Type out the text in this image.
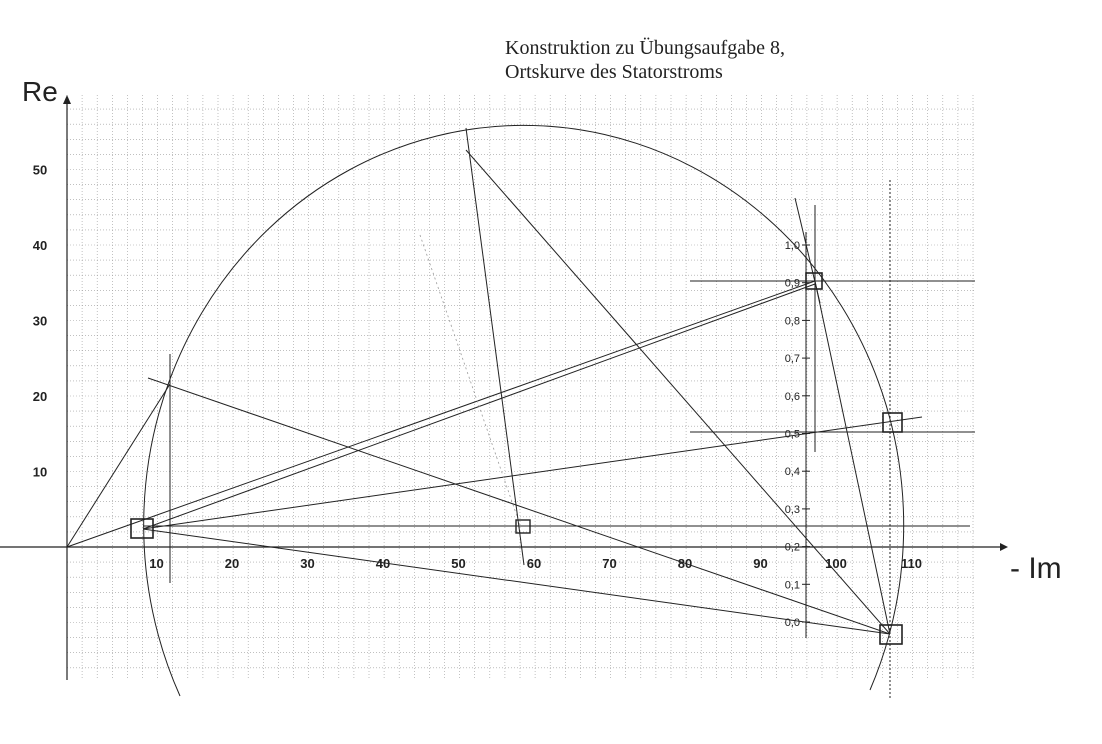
10	20	30	40	50	60	70	80	90	100	110
10
20
30
40
50
0,0
0,1
0,2
0,3
0,4
0,5
0,6
0,7
0,8
0,9
1,0
Konstruktion zu Übungsaufgabe 8,
Ortskurve des Statorstroms
Re
- Im
